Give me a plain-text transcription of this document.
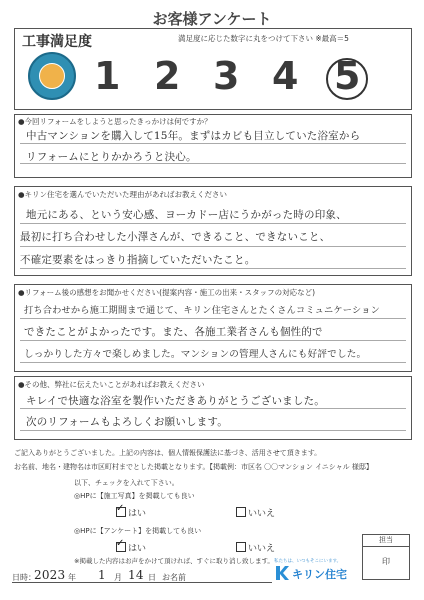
お客様アンケート
工事満足度	満足度に応じた数字に丸をつけて下さい ※最高＝5
1 2 3 4 5
●今回リフォームをしようと思ったきっかけは何ですか？
中古マンションを購入して15年。まずはカビも目立していた浴室から
リフォームにとりかかろうと決心。
●キリン住宅を選んでいただいた理由があればお教えください
地元にある、という安心感、ヨーカドー店にうかがった時の印象、
最初に打ち合わせした小澤さんが、できること、できないこと、
不確定要素をはっきり指摘していただいたこと。
●リフォーム後の感想をお聞かせください(提案内容・施工の出来・スタッフの対応など)
打ち合わせから施工期間まで通じて、キリン住宅さんとたくさんコミュニケーション
できたことがよかったです。また、各施工業者さんも個性的で
しっかりした方々で楽しめました。マンションの管理人さんにも好評でした。
●その他、弊社に伝えたいことがあればお教えください
キレイで快適な浴室を製作いただきありがとうございました。
次のリフォームもよろしくお願いします。
ご記入ありがとうございました。上記の内容は、個人情報保護法に基づき、活用させて頂きます。
お名前、地名・建物名は市区町村までとした掲載となります。【掲載例：市区名 〇〇マンション イニシャル 様邸】
以下、チェックを入れて下さい。
◎HPに【施工写真】を掲載しても良い
✓はい	いいえ
◎HPに【アンケート】を掲載しても良い
✓はい	いいえ
※掲載した内容はお声をかけて頂ければ、すぐに取り消し致します。
担当
印
日時：
2023 年 1 月 14 日 お名前
私たちは、いつもそこにいます。
キリン住宅
